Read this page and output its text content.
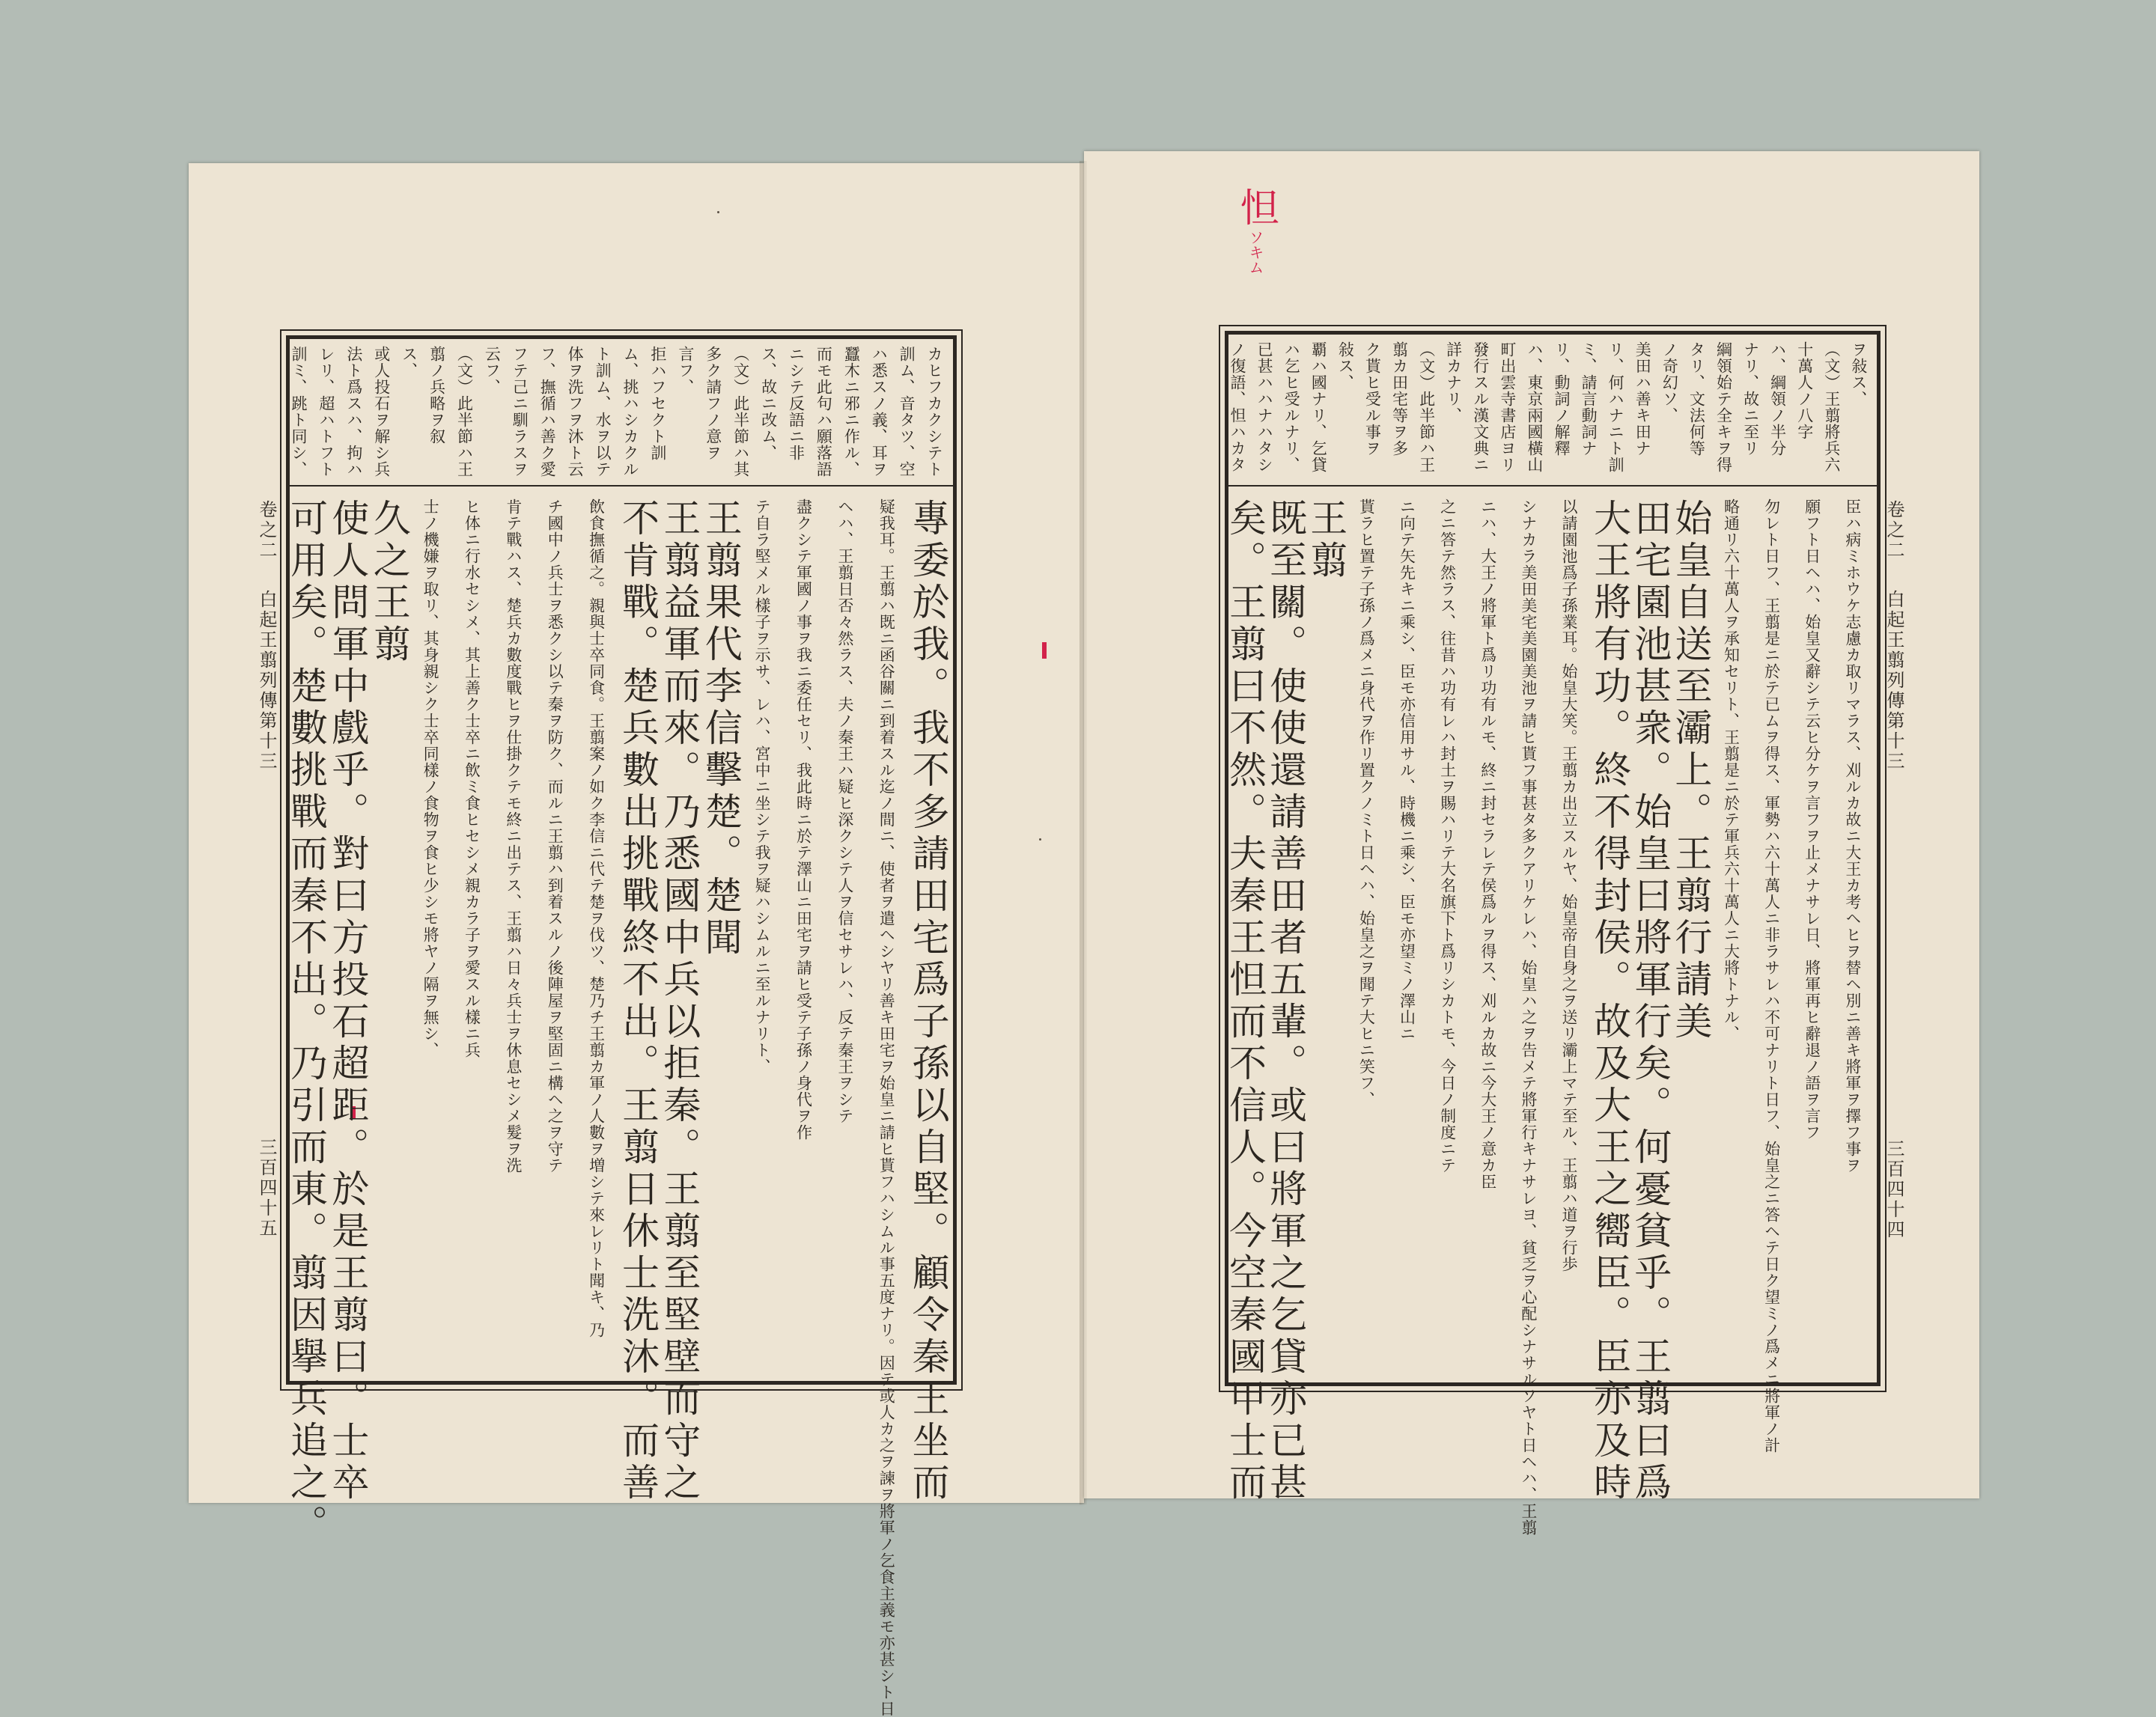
怛 ソキム
卷之二
白起王翦列傳第十三
三百四十五
カヒフカクシテト
訓ム、音タツ、空
ハ悉スノ義、耳ヲ
蠶木ニ邪ニ作ル、
而モ此句ハ願落語
ニシテ反語ニ非
ス、故ニ改ム、
（文）此半節ハ其
多ク請フノ意ヲ
言フ、
拒ハフセクト訓
ム、挑ハシカクル
ト訓ム、水ヲ以テ
体ヲ洗フヲ沐ト云
フ、撫循ハ善ク愛
フテ己ニ馴ラスヲ
云フ、
（文）此半節ハ王
翦ノ兵略ヲ叙
ス、
或人投石ヲ解シ兵
法ト爲スハ、拘ハ
レリ、超ハトフト
訓ミ、跳ト同シ、
專委於我。我不多請田宅爲子孫以自堅。顧令秦王坐而
疑我耳。王翦ハ既ニ函谷關ニ到着スル迄ノ間ニ、使者ヲ遣ヘシヤリ善キ田宅ヲ始皇ニ請ヒ貰フハシムル事五度ナリ。因テ或人カ之ヲ諫ヲ將軍ノ乞食主義モ亦甚シト日
ヘハ、王翦日否々然ラス、夫ノ秦王ハ疑ヒ深クシテ人ヲ信セサレハ、反テ秦王ヲシテ
盡クシテ軍國ノ事ヲ我ニ委任セリ、我此時ニ於テ澤山ニ田宅ヲ請ヒ受テ子孫ノ身代ヲ作
テ自ラ堅メル樣子ヲ示サ、レハ、宮中ニ坐シテ我ヲ疑ハシムルニ至ルナリト、
王翦果代李信擊楚。楚聞
王翦益軍而來。乃悉國中兵以拒秦。王翦至堅壁而守之
不肯戰。楚兵數出挑戰終不出。王翦日休士洗沐。而善
飲食撫循之。親與士卒同食。王翦案ノ如ク李信ニ代テ楚ヲ伐ツ、楚乃チ王翦カ軍ノ人數ヲ増シテ來レリト聞キ、乃
チ國中ノ兵士ヲ悉クシ以テ秦ヲ防ク、而ルニ王翦ハ到着スルノ後陣屋ヲ堅固ニ構ヘ之ヲ守テ
肯テ戰ハス、楚兵カ數度戰ヒヲ仕掛クテモ終ニ出テス、王翦ハ日々兵士ヲ休息セシメ髮ヲ洗
ヒ体ニ行水セシメ、其上善ク士卒ニ飲ミ食ヒセシメ親カラ子ヲ愛スル樣ニ兵
士ノ機嫌ヲ取リ、其身親シク士卒同樣ノ食物ヲ食ヒ少シモ將ヤノ隔ヲ無シ、
久之王翦
使人問軍中戲乎。對曰方投石超距。於是王翦曰。士卒
可用矣。楚數挑戰而秦不出。乃引而東。翦因擧兵追之。	卷之二
白起王翦列傳第十三
三百四十四
ヲ敍ス、
（文）王翦將兵六
十萬人ノ八字
ハ、綱領ノ半分
ナリ、故ニ至リ
綱領始テ全キヲ得
タリ、文法何等
ノ奇幻ソ、
美田ハ善キ田ナ
リ、何ハナニト訓
ミ、請言動詞ナ
リ、動詞ノ解釋
ハ、東京兩國橫山
町出雲寺書店ヨリ
發行スル漢文典ニ
詳カナリ、
（文）此半節ハ王
翦カ田宅等ヲ多
ク貰ヒ受ル事ヲ
敍ス、
覇ハ國ナリ、乞貸
ハ乞ヒ受ルナリ、
已甚ハハナハタシ
ノ復語、怛ハカタ
臣ハ病ミホウケ志慮カ取リマラス、刈ルカ故ニ大王カ考ヘヒヲ替ヘ別ニ善キ將軍ヲ擇フ事ヲ
願フト日ヘハ、始皇又辭シテ云ヒ分ケヲ言フヲ止メナサレ日、將軍再ヒ辭退ノ語ヲ言フ
勿レト日フ、王翦是ニ於テ已ムヲ得ス、軍勢ハ六十萬人ニ非ラサレハ不可ナリト日フ、始皇之ニ答ヘテ日ク望ミノ爲メニ將軍ノ計
略通リ六十萬人ヲ承知セリト、王翦是ニ於テ軍兵六十萬人ニ大將トナル、
始皇自送至灞上。王翦行請美
田宅園池甚衆。始皇曰將軍行矣。何憂貧乎。王翦曰爲
大王將有功。終不得封侯。故及大王之嚮臣。臣亦及時
以請園池爲子孫業耳。始皇大笑。王翦カ出立スルヤ、始皇帝自身之ヲ送リ灞上マテ至ル、王翦ハ道ヲ行歩
シナカラ美田美宅美園美池ヲ請ヒ貰フ事甚タ多クアリケレハ、始皇ハ之ヲ告メテ將軍行キナサレヨ、貧乏ヲ心配シナサルソヤト日ヘハ、王翦
ニハ、大王ノ將軍ト爲リ功有ルモ、終ニ封セラレテ侯爲ルヲ得ス、刈ルカ故ニ今大王ノ意カ臣
之ニ答テ然ラス、往昔ハ功有レハ封土ヲ賜ハリテ大名旗下ト爲リシカトモ、今日ノ制度ニテ
ニ向テ矢先キニ乘シ、臣モ亦信用サル、時機ニ乘シ、臣モ亦望ミノ澤山ニ
貰ラヒ置テ子孫ノ爲メニ身代ヲ作リ置クノミト日ヘハ、始皇之ヲ聞テ大ヒニ笑フ、
王翦
既至關。使使還請善田者五輩。或曰將軍之乞貸亦已甚
矣。王翦曰不然。夫秦王怛而不信人。今空秦國甲士而
